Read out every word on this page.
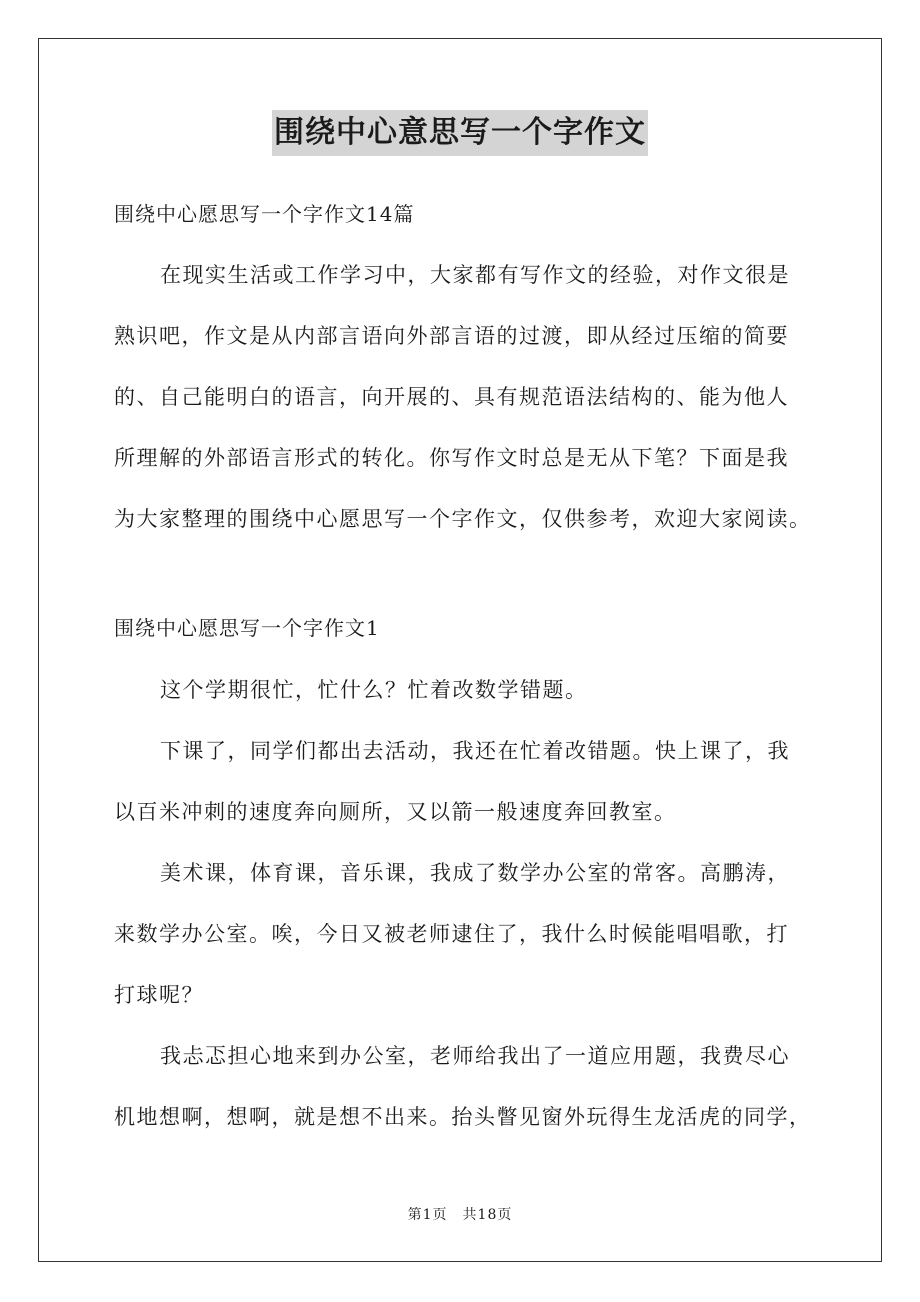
围绕中心意思写一个字作文
围绕中心愿思写一个字作文14篇
在现实生活或工作学习中，大家都有写作文的经验，对作文很是
熟识吧，作文是从内部言语向外部言语的过渡，即从经过压缩的简要
的、自己能明白的语言，向开展的、具有规范语法结构的、能为他人
所理解的外部语言形式的转化。你写作文时总是无从下笔？下面是我
为大家整理的围绕中心愿思写一个字作文，仅供参考，欢迎大家阅读。
围绕中心愿思写一个字作文1
这个学期很忙，忙什么？忙着改数学错题。
下课了，同学们都出去活动，我还在忙着改错题。快上课了，我
以百米冲刺的速度奔向厕所，又以箭一般速度奔回教室。
美术课，体育课，音乐课，我成了数学办公室的常客。高鹏涛，
来数学办公室。唉，今日又被老师逮住了，我什么时候能唱唱歌，打
打球呢？
我忐忑担心地来到办公室，老师给我出了一道应用题，我费尽心
机地想啊，想啊，就是想不出来。抬头瞥见窗外玩得生龙活虎的同学，
第1页　共18页
